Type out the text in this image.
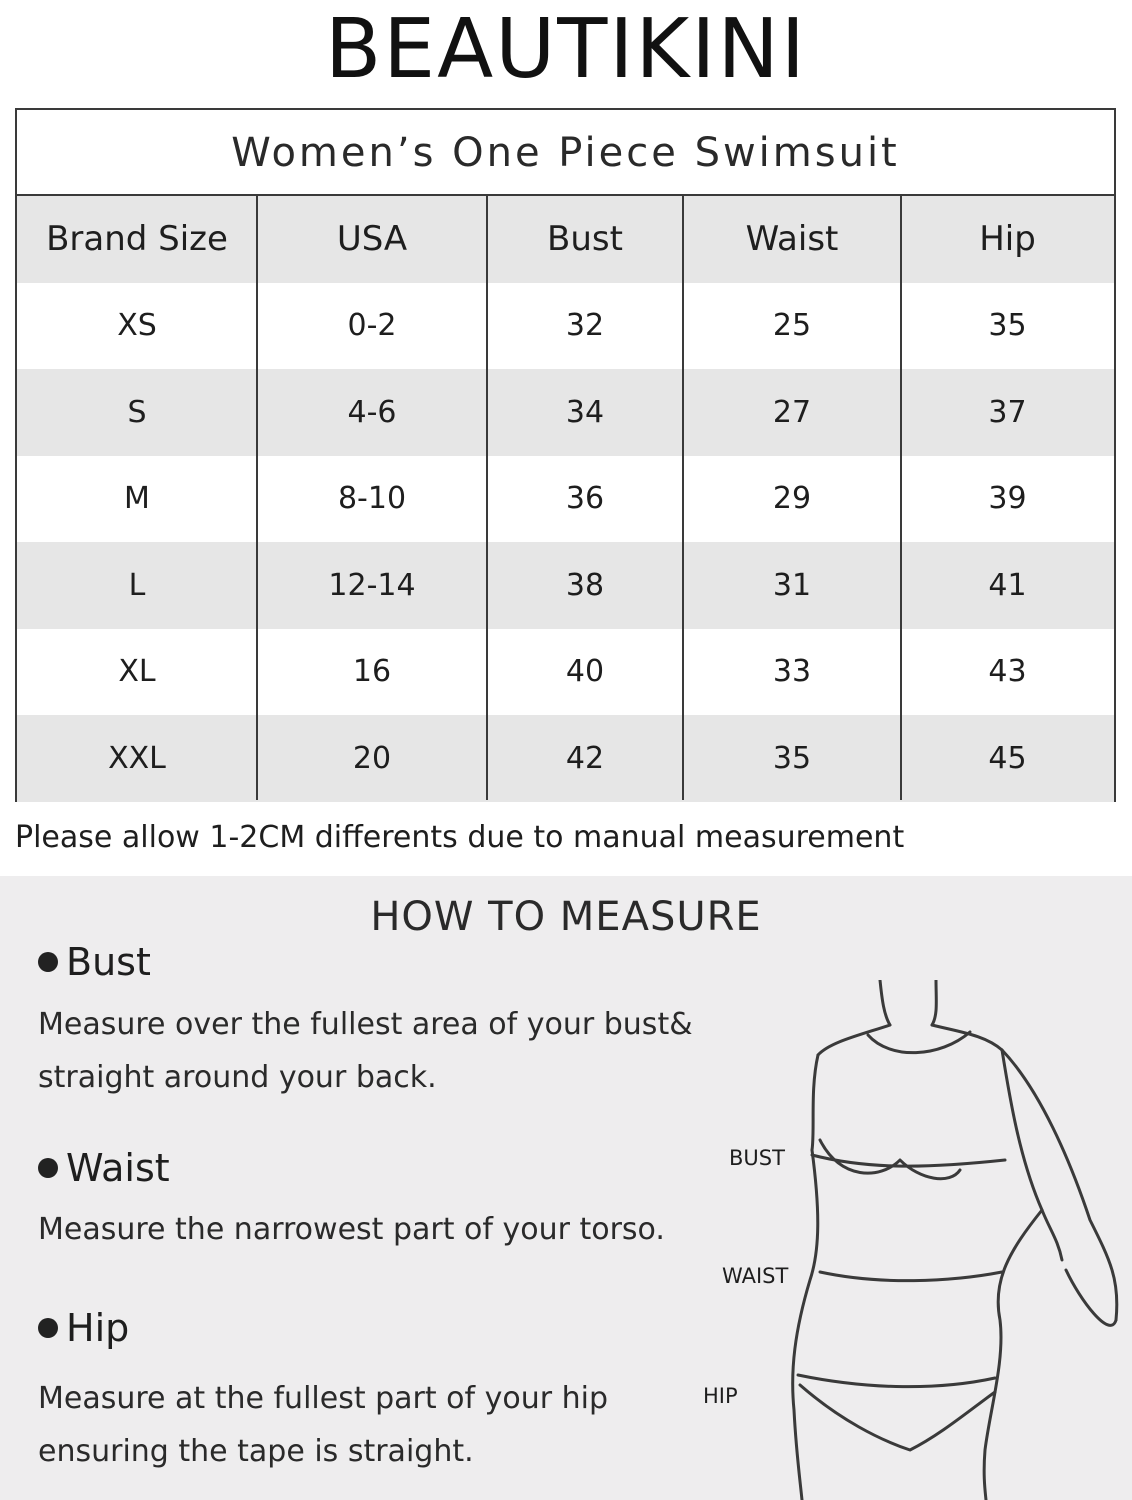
BEAUTIKINI
Women’s One Piece Swimsuit
Brand Size	USA	Bust	Waist	Hip
XS	0-2	32	25	35
S	4-6	34	27	37
M	8-10	36	29	39
L	12-14	38	31	41
XL	16	40	33	43
XXL	20	42	35	45
Please allow 1-2CM differents due to manual measurement
HOW TO MEASURE
Bust
Measure over the fullest area of your bust&
straight around your back.
Waist
Measure the narrowest part of your torso.
Hip
Measure at the fullest part of your hip
ensuring the tape is straight.
BUST
WAIST
HIP
